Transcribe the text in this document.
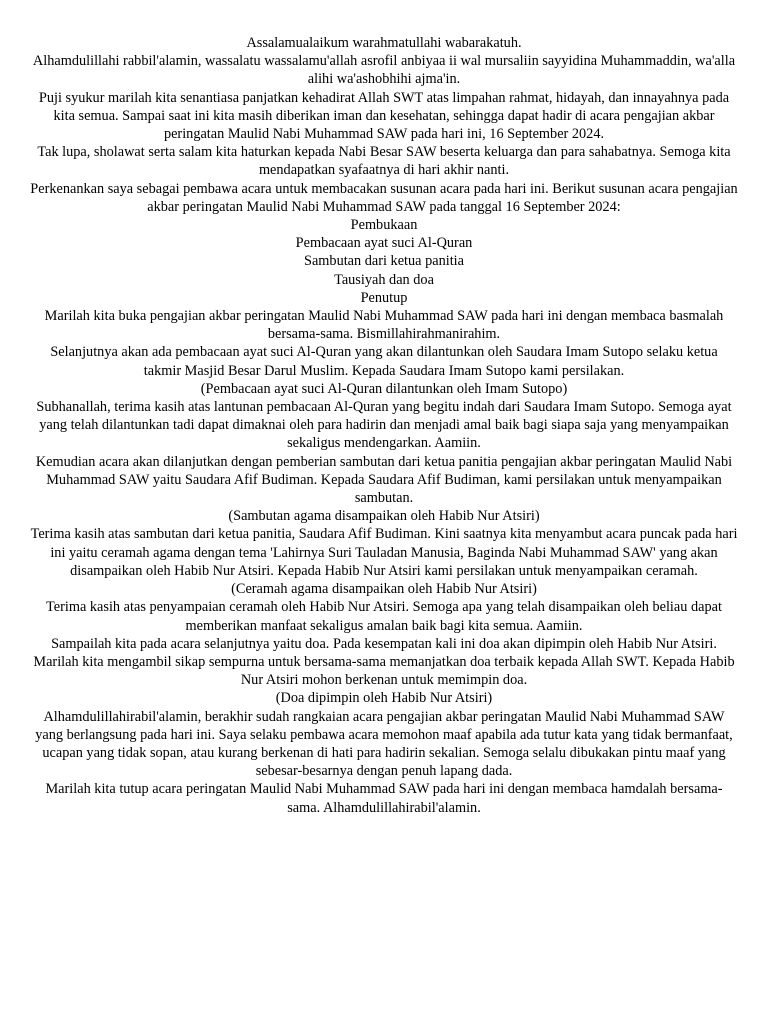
Assalamualaikum warahmatullahi wabarakatuh.

Alhamdulillahi rabbil'alamin, wassalatu wassalamu'allah asrofil anbiyaa ii wal mursaliin sayyidina Muhammaddin, wa'alla alihi wa'ashobhihi ajma'in.

Puji syukur marilah kita senantiasa panjatkan kehadirat Allah SWT atas limpahan rahmat, hidayah, dan innayahnya pada kita semua. Sampai saat ini kita masih diberikan iman dan kesehatan, sehingga dapat hadir di acara pengajian akbar peringatan Maulid Nabi Muhammad SAW pada hari ini, 16 September 2024.

Tak lupa, sholawat serta salam kita haturkan kepada Nabi Besar SAW beserta keluarga dan para sahabatnya. Semoga kita mendapatkan syafaatnya di hari akhir nanti.

Perkenankan saya sebagai pembawa acara untuk membacakan susunan acara pada hari ini. Berikut susunan acara pengajian akbar peringatan Maulid Nabi Muhammad SAW pada tanggal 16 September 2024:

Pembukaan

Pembacaan ayat suci Al-Quran

Sambutan dari ketua panitia

Tausiyah dan doa

Penutup

Marilah kita buka pengajian akbar peringatan Maulid Nabi Muhammad SAW pada hari ini dengan membaca basmalah bersama-sama. Bismillahirahmanirahim.

Selanjutnya akan ada pembacaan ayat suci Al-Quran yang akan dilantunkan oleh Saudara Imam Sutopo selaku ketua takmir Masjid Besar Darul Muslim. Kepada Saudara Imam Sutopo kami persilakan.

(Pembacaan ayat suci Al-Quran dilantunkan oleh Imam Sutopo)

Subhanallah, terima kasih atas lantunan pembacaan Al-Quran yang begitu indah dari Saudara Imam Sutopo. Semoga ayat yang telah dilantunkan tadi dapat dimaknai oleh para hadirin dan menjadi amal baik bagi siapa saja yang menyampaikan sekaligus mendengarkan. Aamiin.

Kemudian acara akan dilanjutkan dengan pemberian sambutan dari ketua panitia pengajian akbar peringatan Maulid Nabi Muhammad SAW yaitu Saudara Afif Budiman. Kepada Saudara Afif Budiman, kami persilakan untuk menyampaikan sambutan.

(Sambutan agama disampaikan oleh Habib Nur Atsiri)

Terima kasih atas sambutan dari ketua panitia, Saudara Afif Budiman. Kini saatnya kita menyambut acara puncak pada hari ini yaitu ceramah agama dengan tema 'Lahirnya Suri Tauladan Manusia, Baginda Nabi Muhammad SAW' yang akan disampaikan oleh Habib Nur Atsiri. Kepada Habib Nur Atsiri kami persilakan untuk menyampaikan ceramah.

(Ceramah agama disampaikan oleh Habib Nur Atsiri)

Terima kasih atas penyampaian ceramah oleh Habib Nur Atsiri. Semoga apa yang telah disampaikan oleh beliau dapat memberikan manfaat sekaligus amalan baik bagi kita semua. Aamiin.

Sampailah kita pada acara selanjutnya yaitu doa. Pada kesempatan kali ini doa akan dipimpin oleh Habib Nur Atsiri. Marilah kita mengambil sikap sempurna untuk bersama-sama memanjatkan doa terbaik kepada Allah SWT. Kepada Habib Nur Atsiri mohon berkenan untuk memimpin doa.

(Doa dipimpin oleh Habib Nur Atsiri)

Alhamdulillahirabil'alamin, berakhir sudah rangkaian acara pengajian akbar peringatan Maulid Nabi Muhammad SAW yang berlangsung pada hari ini. Saya selaku pembawa acara memohon maaf apabila ada tutur kata yang tidak bermanfaat, ucapan yang tidak sopan, atau kurang berkenan di hati para hadirin sekalian. Semoga selalu dibukakan pintu maaf yang sebesar-besarnya dengan penuh lapang dada.

Marilah kita tutup acara peringatan Maulid Nabi Muhammad SAW pada hari ini dengan membaca hamdalah bersama-sama. Alhamdulillahirabil'alamin.
